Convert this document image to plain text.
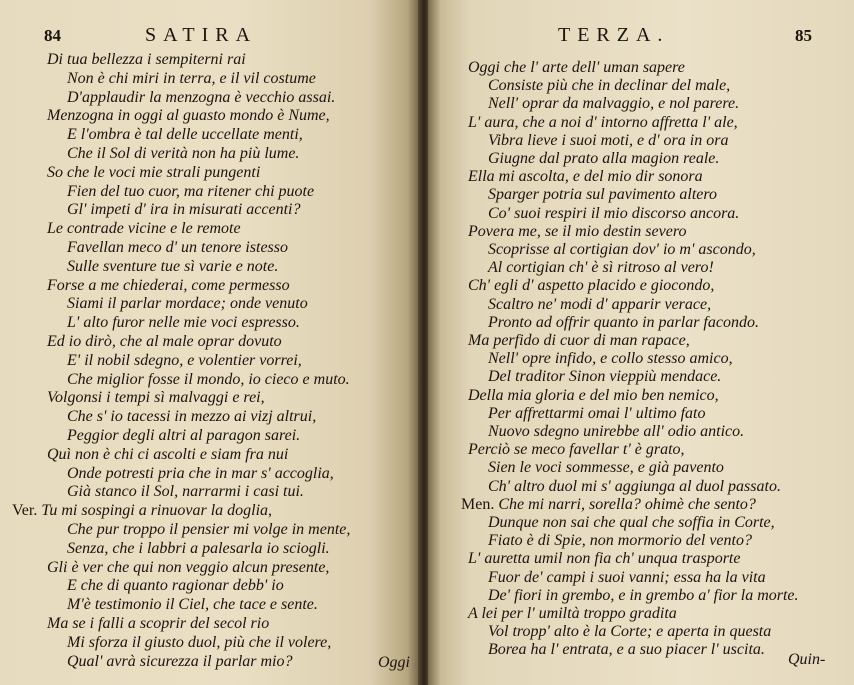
84	SATIRA
Di tua bellezza i sempiterni rai
Non è chi miri in terra, e il vil costume
D'applaudir la menzogna è vecchio assai.
Menzogna in oggi al guasto mondo è Nume,
E l'ombra è tal delle uccellate menti,
Che il Sol di verità non ha più lume.
So che le voci mie strali pungenti
Fien del tuo cuor, ma ritener chi puote
Gl' impeti d' ira in misurati accenti?
Le contrade vicine e le remote
Favellan meco d' un tenore istesso
Sulle sventure tue sì varie e note.
Forse a me chiederai, come permesso
Siami il parlar mordace; onde venuto
L' alto furor nelle mie voci espresso.
Ed io dirò, che al male oprar dovuto
E' il nobil sdegno, e volentier vorrei,
Che miglior fosse il mondo, io cieco e muto.
Volgonsi i tempi sì malvaggi e rei,
Che s' io tacessi in mezzo ai vizj altrui,
Peggior degli altri al paragon sarei.
Quì non è chi ci ascolti e siam fra nui
Onde potresti pria che in mar s' accoglia,
Già stanco il Sol, narrarmi i casi tui.
Ver. Tu mi sospingi a rinuovar la doglia,
Che pur troppo il pensier mi volge in mente,
Senza, che i labbri a palesarla io sciogli.
Gli è ver che qui non veggio alcun presente,
E che di quanto ragionar debb' io
M'è testimonio il Ciel, che tace e sente.
Ma se i falli a scoprir del secol rio
Mi sforza il giusto duol, più che il volere,
Qual' avrà sicurezza il parlar mio?	Oggi
TERZA.	85
Oggi che l' arte dell' uman sapere
Consiste più che in declinar del male,
Nell' oprar da malvaggio, e nol parere.
L' aura, che a noi d' intorno affretta l' ale,
Vibra lieve i suoi moti, e d' ora in ora
Giugne dal prato alla magion reale.
Ella mi ascolta, e del mio dir sonora
Sparger potria sul pavimento altero
Co' suoi respiri il mio discorso ancora.
Povera me, se il mio destin severo
Scoprisse al cortigian dov' io m' ascondo,
Al cortigian ch' è sì ritroso al vero!
Ch' egli d' aspetto placido e giocondo,
Scaltro ne' modi d' apparir verace,
Pronto ad offrir quanto in parlar facondo.
Ma perfido di cuor di man rapace,
Nell' opre infido, e collo stesso amico,
Del traditor Sinon vieppiù mendace.
Della mia gloria e del mio ben nemico,
Per affrettarmi omai l' ultimo fato
Nuovo sdegno unirebbe all' odio antico.
Perciò se meco favellar t' è grato,
Sien le voci sommesse, e già pavento
Ch' altro duol mi s' aggiunga al duol passato.
Men. Che mi narri, sorella? ohimè che sento?
Dunque non sai che qual che soffia in Corte,
Fiato è di Spie, non mormorio del vento?
L' auretta umil non fia ch' unqua trasporte
Fuor de' campi i suoi vanni; essa ha la vita
De' fiori in grembo, e in grembo a' fior la morte.
A lei per l' umiltà troppo gradita
Vol tropp' alto è la Corte; e aperta in questa
Borea ha l' entrata, e a suo piacer l' uscita.
Quin-
